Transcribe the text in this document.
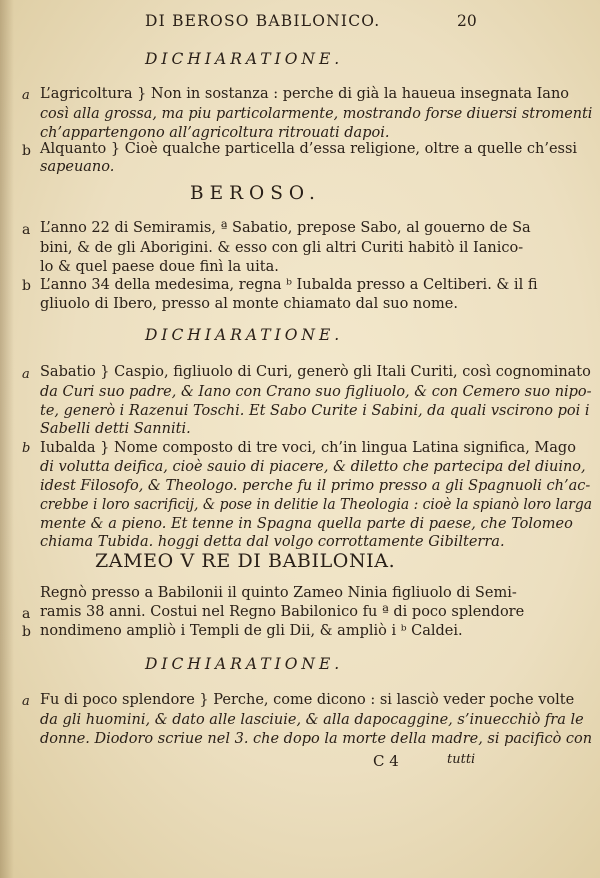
DI BEROSO BABILONICO.	20
DICHIARATIONE.
a L’agricoltura } Non in sostanza : perche di già la haueua insegnata Iano
così alla grossa, ma piu particolarmente, mostrando forse diuersi stromenti
ch’appartengono all’agricoltura ritrouati dapoi.
b Alquanto } Cioè qualche particella d’essa religione, oltre a quelle ch’essi
sapeuano.
BEROSO.
a L’anno 22 di Semiramis, ª Sabatio, prepose Sabo, al gouerno de Sa
bini, & de gli Aborigini. & esso con gli altri Curiti habitò il Ianico-
lo & quel paese doue finì la uita.
b L’anno 34 della medesima, regna ᵇ Iubalda presso a Celtiberi. & il fi
gliuolo di Ibero, presso al monte chiamato dal suo nome.
DICHIARATIONE.
a Sabatio } Caspio, figliuolo di Curi, generò gli Itali Curiti, così cognominato
da Curi suo padre, & Iano con Crano suo figliuolo, & con Cemero suo nipo-
te, generò i Razenui Toschi. Et Sabo Curite i Sabini, da quali vscirono poi i
Sabelli detti Sanniti.
b Iubalda } Nome composto di tre voci, ch’in lingua Latina significa, Mago
di volutta deifica, cioè sauio di piacere, & diletto che partecipa del diuino,
idest Filosofo, & Theologo. perche fu il primo presso a gli Spagnuoli ch’ac-
crebbe i loro sacrificij, & pose in delitie la Theologia : cioè la spianò loro larga
mente & a pieno. Et tenne in Spagna quella parte di paese, che Tolomeo
chiama Tubida. hoggi detta dal volgo corrottamente Gibilterra.
ZAMEO V RE DI BABILONIA.
Regnò presso a Babilonii il quinto Zameo Ninia figliuolo di Semi-
a ramis 38 anni. Costui nel Regno Babilonico fu ª di poco splendore
b nondimeno ampliò i Templi de gli Dii, & ampliò i ᵇ Caldei.
DICHIARATIONE.
a Fu di poco splendore } Perche, come dicono : si lasciò veder poche volte
da gli huomini, & dato alle lasciuie, & alla dapocaggine, s’inuecchiò fra le
donne. Diodoro scriue nel 3. che dopo la morte della madre, si pacificò con
C 4	tutti
